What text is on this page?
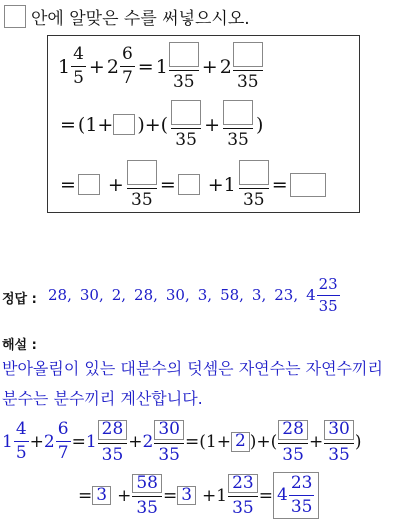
안에 알맞은 수를 써넣으시오.
$1 \frac{4}{5} + 2 \frac{6}{7} = 1$
35
+ 2
35
= (1+ )+(
35
+
35
)
= +
35
= +1
35
=
정답 : 28, 30, 2, 28, 30, 3, 58, 3, 23, $4 \frac{23}{35}$
해설 :
받아올림이 있는 대분수의 덧셈은 자연수는 자연수끼리
분수는 분수끼리 계산합니다.
$1 \frac{4}{5} + 2 \frac{6}{7} = 1 \frac{28}{35} + 2 \frac{30}{35} = (1+ 2$ )+( $\frac{28}{35} + \frac{30}{35}$ )
= $3 + \frac{58}{35} = 3 +1 \frac{23}{35} = 4 \frac{23}{35}$
